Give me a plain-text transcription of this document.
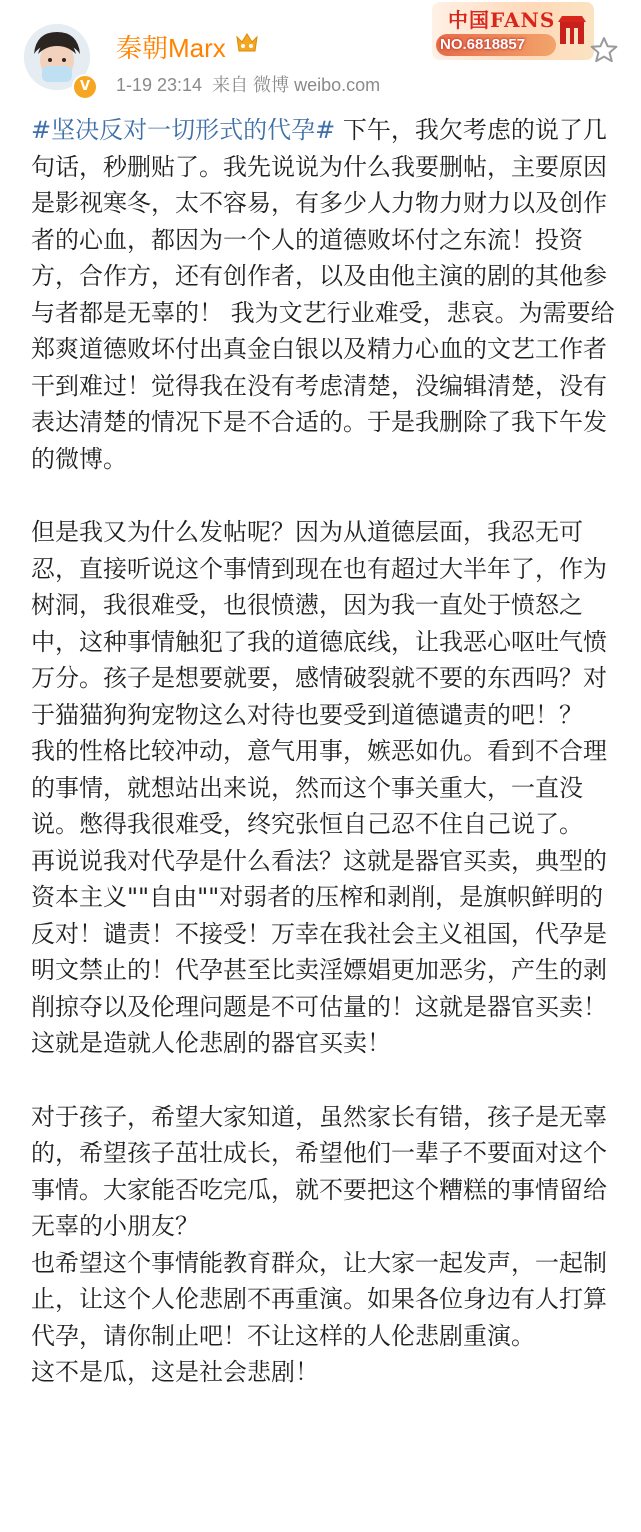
V
秦朝Marx
1-19 23:14 来自 微博 weibo.com
中国FANS
NO.6818857

#坚决反对一切形式的代孕# 下午，我欠考虑的说了几句话，秒删贴了。我先说说为什么我要删帖，主要原因是影视寒冬，太不容易，有多少人力物力财力以及创作者的心血，都因为一个人的道德败坏付之东流！投资方，合作方，还有创作者，以及由他主演的剧的其他参与者都是无辜的！ 我为文艺行业难受，悲哀。为需要给郑爽道德败坏付出真金白银以及精力心血的文艺工作者干到难过！觉得我在没有考虑清楚，没编辑清楚，没有表达清楚的情况下是不合适的。于是我删除了我下午发的微博。

但是我又为什么发帖呢？因为从道德层面，我忍无可忍，直接听说这个事情到现在也有超过大半年了，作为树洞，我很难受，也很愤懑，因为我一直处于愤怒之中，这种事情触犯了我的道德底线，让我恶心呕吐气愤万分。孩子是想要就要，感情破裂就不要的东西吗？对于猫猫狗狗宠物这么对待也要受到道德谴责的吧！？

我的性格比较冲动，意气用事，嫉恶如仇。看到不合理的事情，就想站出来说，然而这个事关重大，一直没说。憋得我很难受，终究张恒自己忍不住自己说了。

再说说我对代孕是什么看法？这就是器官买卖，典型的资本主义""自由""对弱者的压榨和剥削，是旗帜鲜明的反对！谴责！不接受！万幸在我社会主义祖国，代孕是明文禁止的！代孕甚至比卖淫嫖娼更加恶劣，产生的剥削掠夺以及伦理问题是不可估量的！这就是器官买卖！这就是造就人伦悲剧的器官买卖！

对于孩子，希望大家知道，虽然家长有错，孩子是无辜的，希望孩子茁壮成长，希望他们一辈子不要面对这个事情。大家能否吃完瓜，就不要把这个糟糕的事情留给无辜的小朋友？

也希望这个事情能教育群众，让大家一起发声，一起制止，让这个人伦悲剧不再重演。如果各位身边有人打算代孕，请你制止吧！不让这样的人伦悲剧重演。

这不是瓜，这是社会悲剧！
